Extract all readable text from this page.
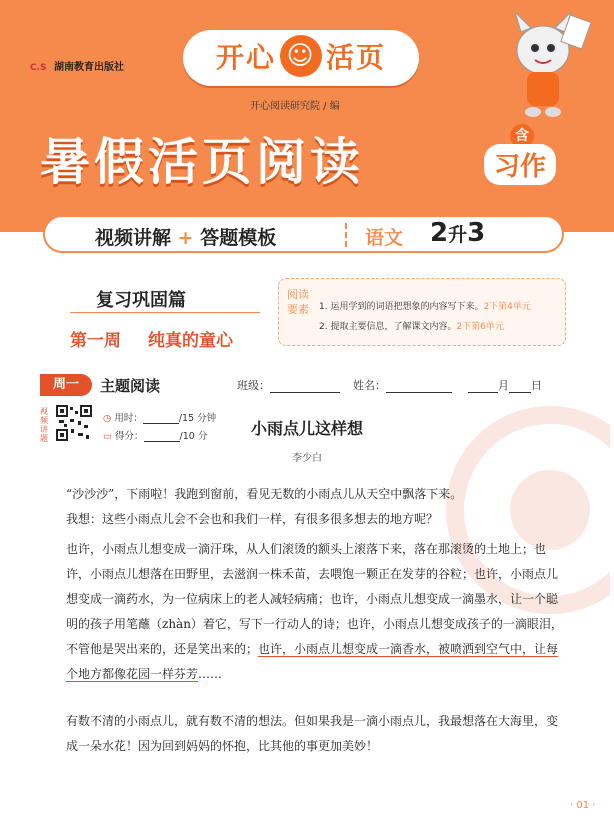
C.S 湖南教育出版社	开心☺ 活页
开心阅读研究院 / 编
暑假活页阅读	含
习作
视频讲解 + 答题模板	语文 2升3
复习巩固篇
第一周 纯真的童心
阅读要素	1. 运用学到的词语把想象的内容写下来。2下第4单元
2. 提取主要信息，了解课文内容。2下第6单元
周一	主题阅读	班级：	姓名：	月 日
视频讲题
◷ 用时：	/15 分钟
▭ 得分：	/10 分	小雨点儿这样想
李少白
“沙沙沙”，下雨啦！我跑到窗前，看见无数的小雨点儿从天空中飘落下来。
我想：这些小雨点儿会不会也和我们一样，有很多很多想去的地方呢？
也许，小雨点儿想变成一滴汗珠，从人们滚烫的额头上滚落下来，落在那滚烫的土地上；也许，小雨点儿想落在田野里，去滋润一株禾苗，去喂饱一颗正在发芽的谷粒；也许，小雨点儿想变成一滴药水，为一位病床上的老人减轻病痛；也许，小雨点儿想变成一滴墨水，让一个聪明的孩子用笔蘸（zhàn）着它，写下一行动人的诗；也许，小雨点儿想变成孩子的一滴眼泪，不管他是哭出来的，还是笑出来的；也许，小雨点儿想变成一滴香水，被喷洒到空气中，让每个地方都像花园一样芬芳……
有数不清的小雨点儿，就有数不清的想法。但如果我是一滴小雨点儿，我最想落在大海里，变成一朵水花！因为回到妈妈的怀抱，比其他的事更加美妙！
· 01 ·
